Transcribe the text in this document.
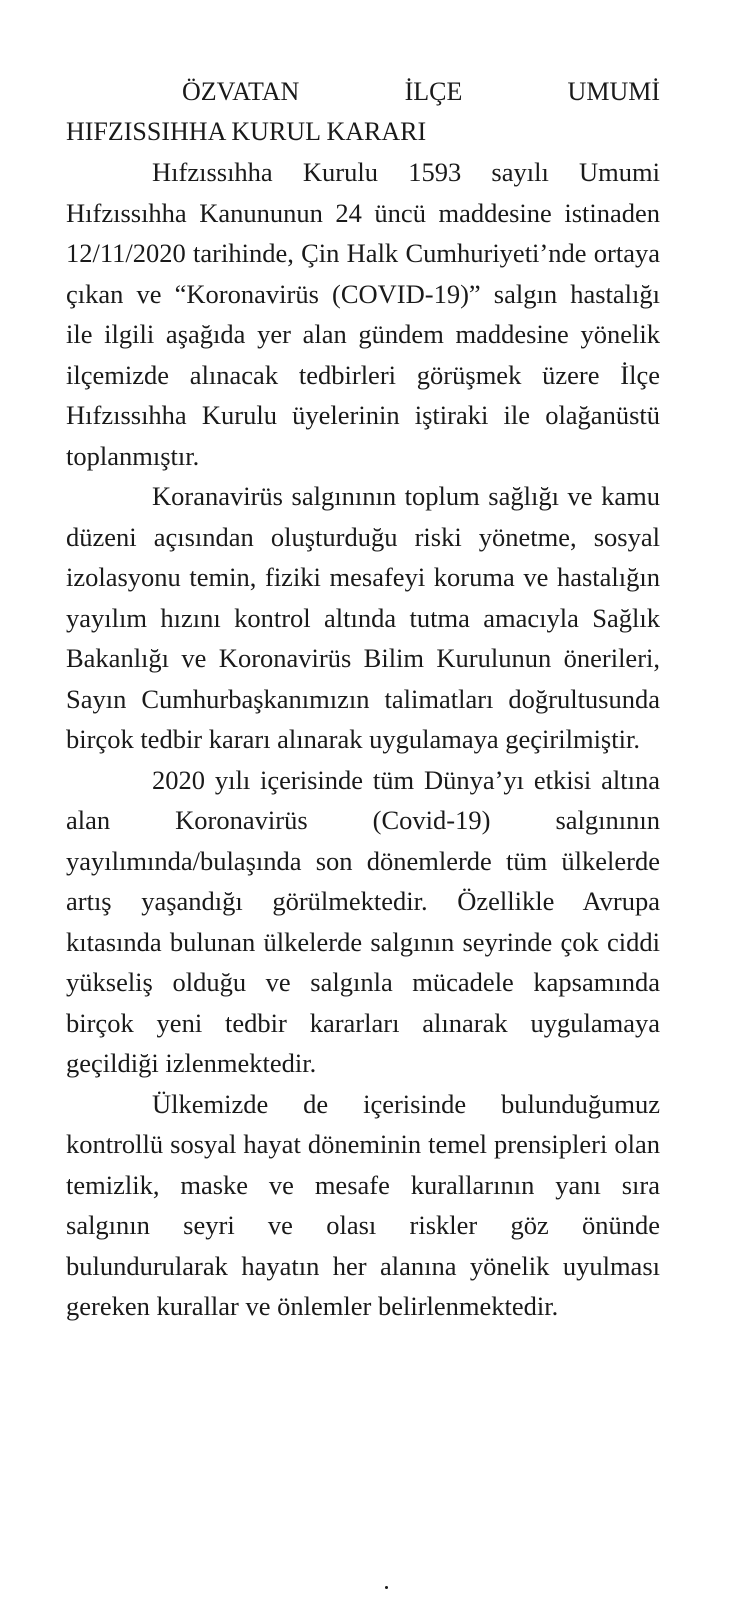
ÖZVATAN	İLÇE	UMUMİ
HIFZISSIHHA KURUL KARARI

Hıfzıssıhha Kurulu 1593 sayılı Umumi Hıfzıssıhha Kanununun 24 üncü maddesine istinaden 12/11/2020 tarihinde, Çin Halk Cumhuriyeti’nde ortaya çıkan ve “Koronavirüs (COVID-19)” salgın hastalığı ile ilgili aşağıda yer alan gündem maddesine yönelik ilçemizde alınacak tedbirleri görüşmek üzere İlçe Hıfzıssıhha Kurulu üyelerinin iştiraki ile olağanüstü toplanmıştır.

Koranavirüs salgınının toplum sağlığı ve kamu düzeni açısından oluşturduğu riski yönetme, sosyal izolasyonu temin, fiziki mesafeyi koruma ve hastalığın yayılım hızını kontrol altında tutma amacıyla Sağlık Bakanlığı ve Koronavirüs Bilim Kurulunun önerileri, Sayın Cumhurbaşkanımızın talimatları doğrultusunda birçok tedbir kararı alınarak uygulamaya geçirilmiştir.

2020 yılı içerisinde tüm Dünya’yı etkisi altına alan Koronavirüs (Covid-19) salgınının yayılımında/bulaşında son dönemlerde tüm ülkelerde artış yaşandığı görülmektedir. Özellikle Avrupa kıtasında bulunan ülkelerde salgının seyrinde çok ciddi yükseliş olduğu ve salgınla mücadele kapsamında birçok yeni tedbir kararları alınarak uygulamaya geçildiği izlenmektedir.

Ülkemizde de içerisinde bulunduğumuz kontrollü sosyal hayat döneminin temel prensipleri olan temizlik, maske ve mesafe kurallarının yanı sıra salgının seyri ve olası riskler göz önünde bulundurularak hayatın her alanına yönelik uyulması gereken kurallar ve önlemler belirlenmektedir.
